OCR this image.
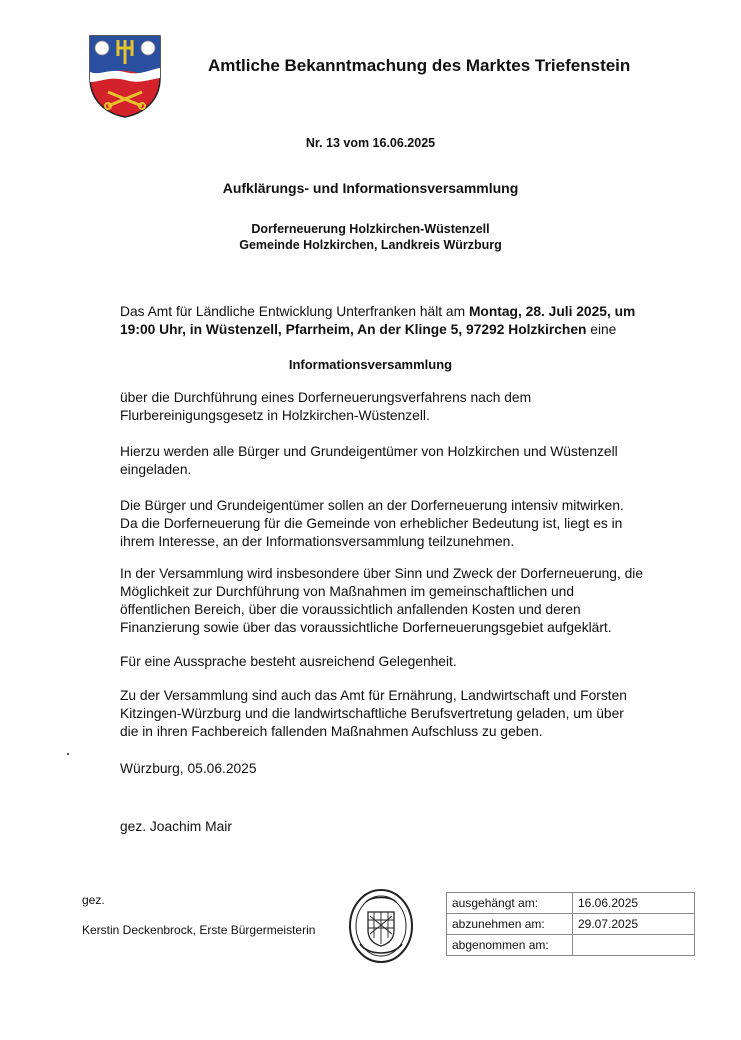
Amtliche Bekanntmachung des Marktes Triefenstein
Nr. 13 vom 16.06.2025
Aufklärungs- und Informationsversammlung
Dorferneuerung Holzkirchen-Wüstenzell
Gemeinde Holzkirchen, Landkreis Würzburg
Das Amt für Ländliche Entwicklung Unterfranken hält am Montag, 28. Juli 2025, um
19:00 Uhr, in Wüstenzell, Pfarrheim, An der Klinge 5, 97292 Holzkirchen eine
Informationsversammlung
über die Durchführung eines Dorferneuerungsverfahrens nach dem Flurbereinigungsgesetz in Holzkirchen-Wüstenzell.
Hierzu werden alle Bürger und Grundeigentümer von Holzkirchen und Wüstenzell eingeladen.
Die Bürger und Grundeigentümer sollen an der Dorferneuerung intensiv mitwirken. Da die Dorferneuerung für die Gemeinde von erheblicher Bedeutung ist, liegt es in ihrem Interesse, an der Informationsversammlung teilzunehmen.
In der Versammlung wird insbesondere über Sinn und Zweck der Dorferneuerung, die Möglichkeit zur Durchführung von Maßnahmen im gemeinschaftlichen und öffentlichen Bereich, über die voraussichtlich anfallenden Kosten und deren Finanzierung sowie über das voraussichtliche Dorferneuerungsgebiet aufgeklärt.
Für eine Aussprache besteht ausreichend Gelegenheit.
Zu der Versammlung sind auch das Amt für Ernährung, Landwirtschaft und Forsten Kitzingen-Würzburg und die landwirtschaftliche Berufsvertretung geladen, um über die in ihren Fachbereich fallenden Maßnahmen Aufschluss zu geben.
Würzburg, 05.06.2025
gez. Joachim Mair
gez.
Kerstin Deckenbrock, Erste Bürgermeisterin
ausgehängt am:	16.06.2025
abzunehmen am:	29.07.2025
abgenommen am:	
